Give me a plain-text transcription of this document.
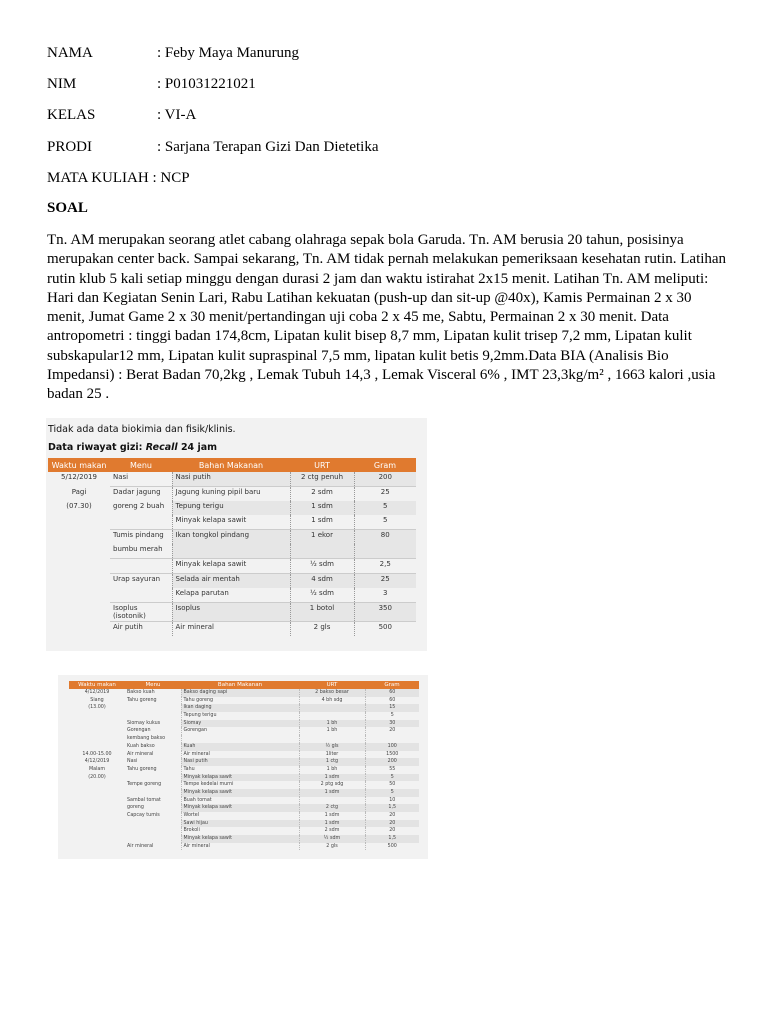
NAMA	: Feby Maya Manurung
NIM	: P01031221021
KELAS	: VI-A
PRODI	: Sarjana Terapan Gizi Dan Dietetika
MATA KULIAH : NCP
SOAL
Tn. AM merupakan seorang atlet cabang olahraga sepak bola Garuda. Tn. AM berusia 20 tahun, posisinya merupakan center back. Sampai sekarang, Tn. AM tidak pernah melakukan pemeriksaan kesehatan rutin. Latihan rutin klub 5 kali setiap minggu dengan durasi 2 jam dan waktu istirahat 2x15 menit. Latihan Tn. AM meliputi: Hari dan Kegiatan Senin Lari, Rabu Latihan kekuatan (push-up dan sit-up @40x), Kamis Permainan 2 x 30 menit, Jumat Game 2 x 30 menit/pertandingan uji coba 2 x 45 me, Sabtu, Permainan 2 x 30 menit. Data antropometri : tinggi badan 174,8cm, Lipatan kulit bisep 8,7 mm, Lipatan kulit trisep 7,2 mm, Lipatan kulit subskapular12 mm, Lipatan kulit supraspinal 7,5 mm, lipatan kulit betis 9,2mm.Data BIA (Analisis Bio Impedansi) : Berat Badan 70,2kg , Lemak Tubuh 14,3 , Lemak Visceral 6% , IMT 23,3kg/m² , 1663 kalori ,usia badan 25 .
Tidak ada data biokimia dan fisik/klinis.
Data riwayat gizi: Recall 24 jam
Waktu makan	Menu	Bahan Makanan	URT	Gram
5/12/2019	Nasi	Nasi putih	2 ctg penuh	200
Pagi	Dadar jagung	Jagung kuning pipil baru	2 sdm	25
(07.30)	goreng 2 buah	Tepung terigu	1 sdm	5
		Minyak kelapa sawit	1 sdm	5
	Tumis pindang	Ikan tongkol pindang	1 ekor	80
	bumbu merah			
		Minyak kelapa sawit	½ sdm	2,5
	Urap sayuran	Selada air mentah	4 sdm	25
		Kelapa parutan	½ sdm	3
	Isoplus (isotonik)	Isoplus	1 botol	350
	Air putih	Air mineral	2 gls	500
Waktu makan	Menu	Bahan Makanan	URT	Gram
4/12/2019	Bakso kuah	Bakso daging sapi	2 bakso besar	60
Siang	Tahu goreng	Tahu goreng	4 bh sdg	60
(13.00)		Ikan daging		15
		Tepung terigu		5
	Siomay kukus	Siomay	1 bh	30
	Gorengan	Gorengan	1 bh	20
	kembang bakso			
	Kuah bakso	Kuah	½ gls	100
14.00-15.00	Air mineral	Air mineral	1liter	1500
4/12/2019	Nasi	Nasi putih	1 ctg	200
Malam	Tahu goreng	Tahu	1 bh	55
(20.00)		Minyak kelapa sawit	1 sdm	5
	Tempe goreng	Tempe kedelai murni	2 ptg sdg	50
		Minyak kelapa sawit	1 sdm	5
	Sambal tomat	Buah tomat		10
	goreng	Minyak kelapa sawit	2 ctg	1,5
	Capcay tumis	Wortel	1 sdm	20
		Sawi hijau	1 sdm	20
		Brokoli	2 sdm	20
		Minyak kelapa sawit	½ sdm	1,5
	Air mineral	Air mineral	2 gls	500
